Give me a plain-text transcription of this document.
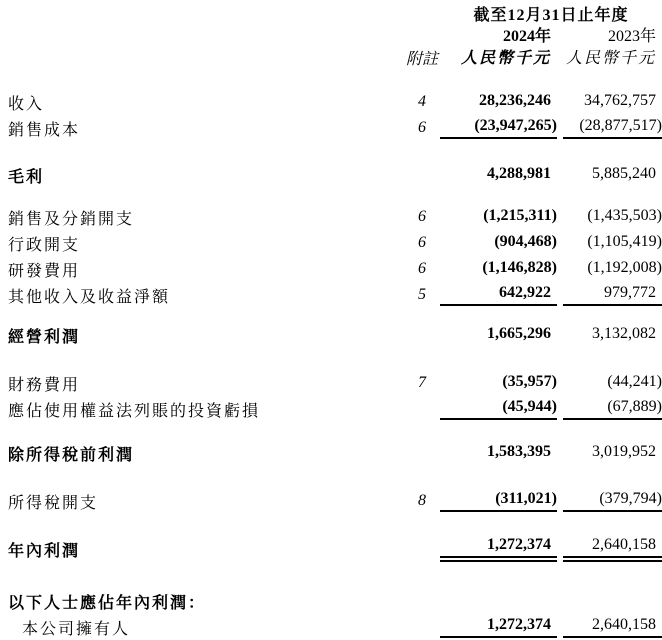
截至12月31日止年度
2024年	2023年
附註	人民幣千元 人民幣千元
收入	4	28,236,246	34,762,757
銷售成本	6	(23,947,265)	(28,877,517)
毛利	4,288,981	5,885,240
銷售及分銷開支	6	(1,215,311)	(1,435,503)
行政開支	6	(904,468)	(1,105,419)
研發費用	6	(1,146,828)	(1,192,008)
其他收入及收益淨額	5	642,922	979,772
經營利潤	1,665,296	3,132,082
財務費用	7	(35,957)	(44,241)
應佔使用權益法列賬的投資虧損	(45,944)	(67,889)
除所得稅前利潤	1,583,395	3,019,952
所得稅開支	8	(311,021)	(379,794)
年內利潤	1,272,374	2,640,158
以下人士應佔年內利潤：
本公司擁有人	1,272,374	2,640,158
